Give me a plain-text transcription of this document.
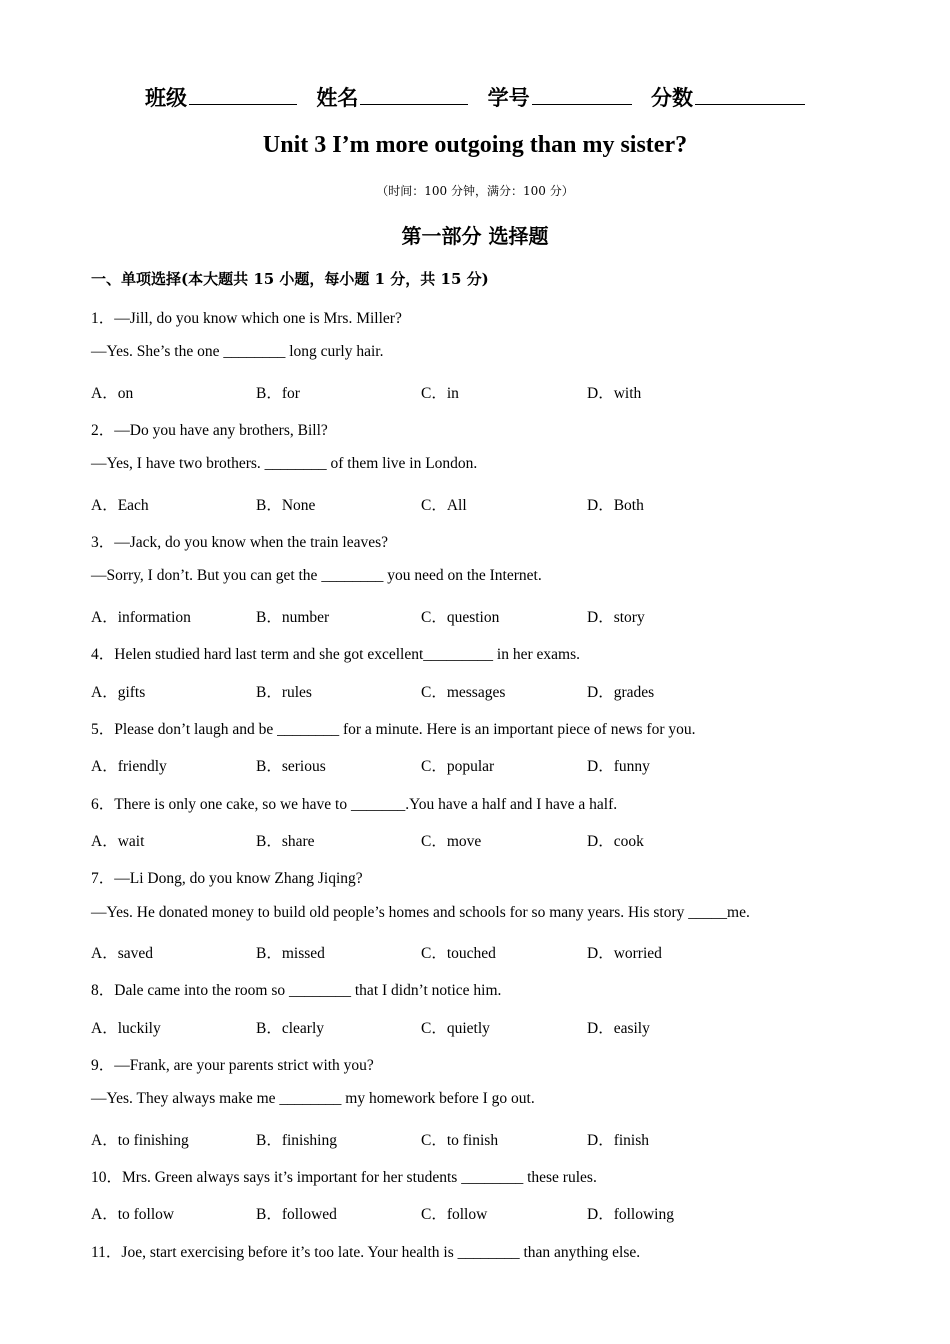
班级	姓名	学号	分数
Unit 3 I’m more outgoing than my sister?
（时间：100 分钟，满分：100 分）
第一部分 选择题
一、单项选择(本大题共 15 小题，每小题 1 分，共 15 分)
1．—Jill, do you know which one is Mrs. Miller?
—Yes. She’s the one ________ long curly hair.
A．on	B．for	C．in	D．with
2．—Do you have any brothers, Bill?
—Yes, I have two brothers. ________ of them live in London.
A．Each	B．None	C．All	D．Both
3．—Jack, do you know when the train leaves?
—Sorry, I don’t. But you can get the ________ you need on the Internet.
A．information	B．number	C．question	D．story
4．Helen studied hard last term and she got excellent_________ in her exams.
A．gifts	B．rules	C．messages	D．grades
5．Please don’t laugh and be ________ for a minute. Here is an important piece of news for you.
A．friendly	B．serious	C．popular	D．funny
6．There is only one cake, so we have to _______.You have a half and I have a half.
A．wait	B．share	C．move	D．cook
7．—Li Dong, do you know Zhang Jiqing?
—Yes. He donated money to build old people’s homes and schools for so many years. His story _____me.
A．saved	B．missed	C．touched	D．worried
8．Dale came into the room so ________ that I didn’t notice him.
A．luckily	B．clearly	C．quietly	D．easily
9．—Frank, are your parents strict with you?
—Yes. They always make me ________ my homework before I go out.
A．to finishing	B．finishing	C．to finish	D．finish
10．Mrs. Green always says it’s important for her students ________ these rules.
A．to follow	B．followed	C．follow	D．following
11．Joe, start exercising before it’s too late. Your health is ________ than anything else.
